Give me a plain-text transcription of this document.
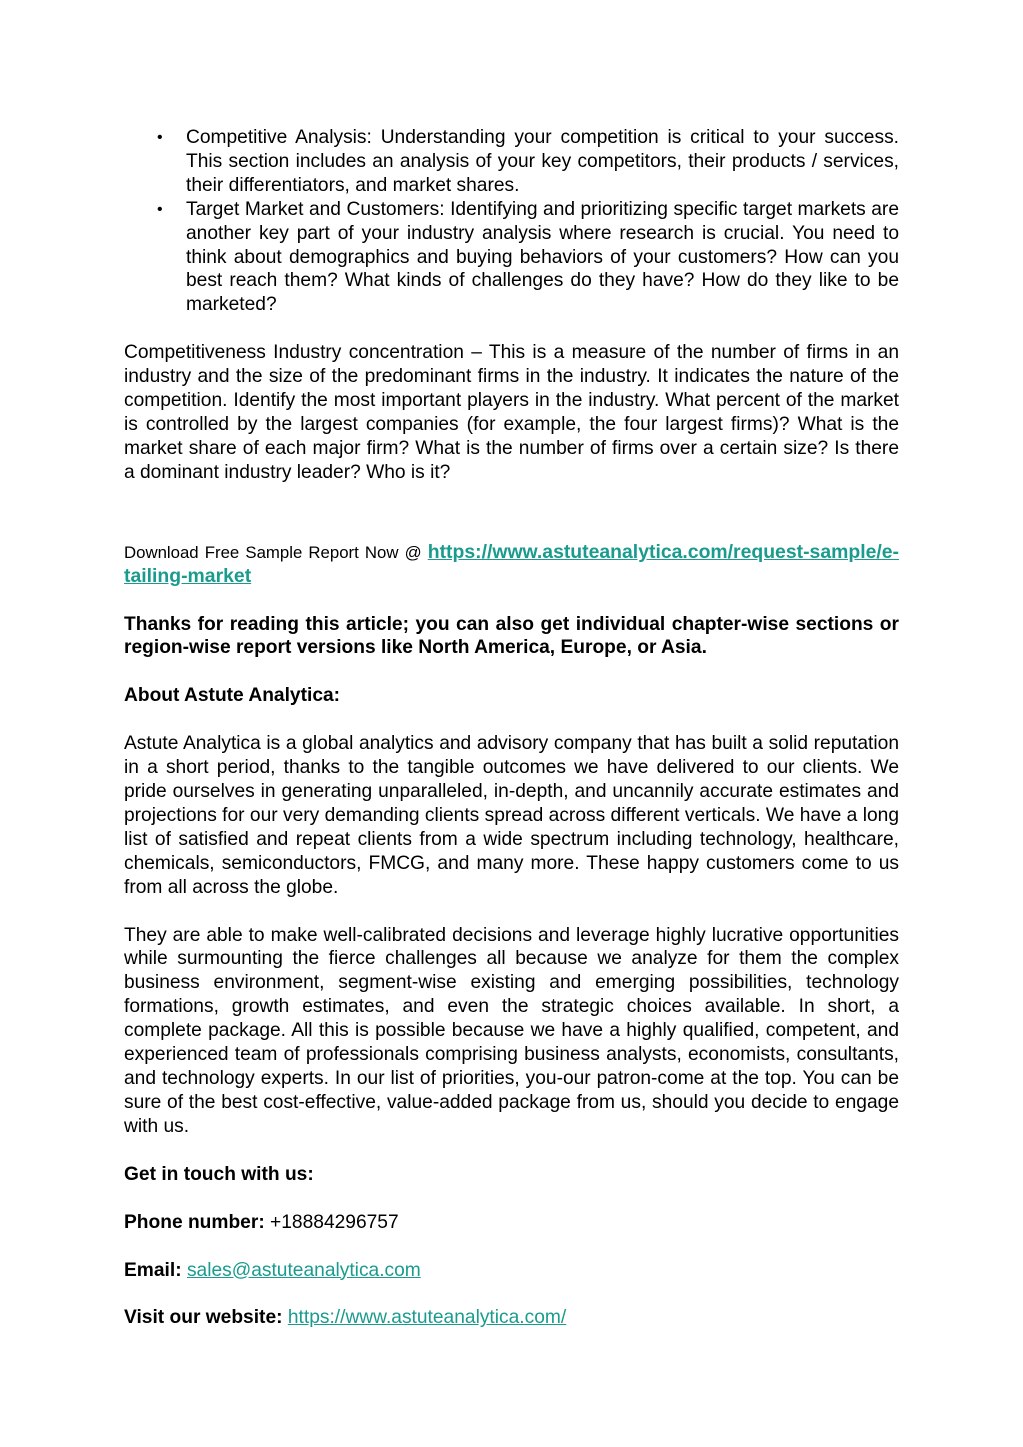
• Competitive Analysis: Understanding your competition is critical to your success. This section includes an analysis of your key competitors, their products / services, their differentiators, and market shares.
• Target Market and Customers: Identifying and prioritizing specific target markets are another key part of your industry analysis where research is crucial. You need to think about demographics and buying behaviors of your customers? How can you best reach them? What kinds of challenges do they have? How do they like to be marketed?

Competitiveness Industry concentration – This is a measure of the number of firms in an industry and the size of the predominant firms in the industry. It indicates the nature of the competition. Identify the most important players in the industry. What percent of the market is controlled by the largest companies (for example, the four largest firms)? What is the market share of each major firm? What is the number of firms over a certain size? Is there a dominant industry leader? Who is it?

Download Free Sample Report Now @ https://www.astuteanalytica.com/request-sample/e-tailing-market

Thanks for reading this article; you can also get individual chapter-wise sections or region-wise report versions like North America, Europe, or Asia.

About Astute Analytica:

Astute Analytica is a global analytics and advisory company that has built a solid reputation in a short period, thanks to the tangible outcomes we have delivered to our clients. We pride ourselves in generating unparalleled, in-depth, and uncannily accurate estimates and projections for our very demanding clients spread across different verticals. We have a long list of satisfied and repeat clients from a wide spectrum including technology, healthcare, chemicals, semiconductors, FMCG, and many more. These happy customers come to us from all across the globe.

They are able to make well-calibrated decisions and leverage highly lucrative opportunities while surmounting the fierce challenges all because we analyze for them the complex business environment, segment-wise existing and emerging possibilities, technology formations, growth estimates, and even the strategic choices available. In short, a complete package. All this is possible because we have a highly qualified, competent, and experienced team of professionals comprising business analysts, economists, consultants, and technology experts. In our list of priorities, you-our patron-come at the top. You can be sure of the best cost-effective, value-added package from us, should you decide to engage with us.

Get in touch with us:

Phone number: +18884296757

Email: sales@astuteanalytica.com

Visit our website: https://www.astuteanalytica.com/
